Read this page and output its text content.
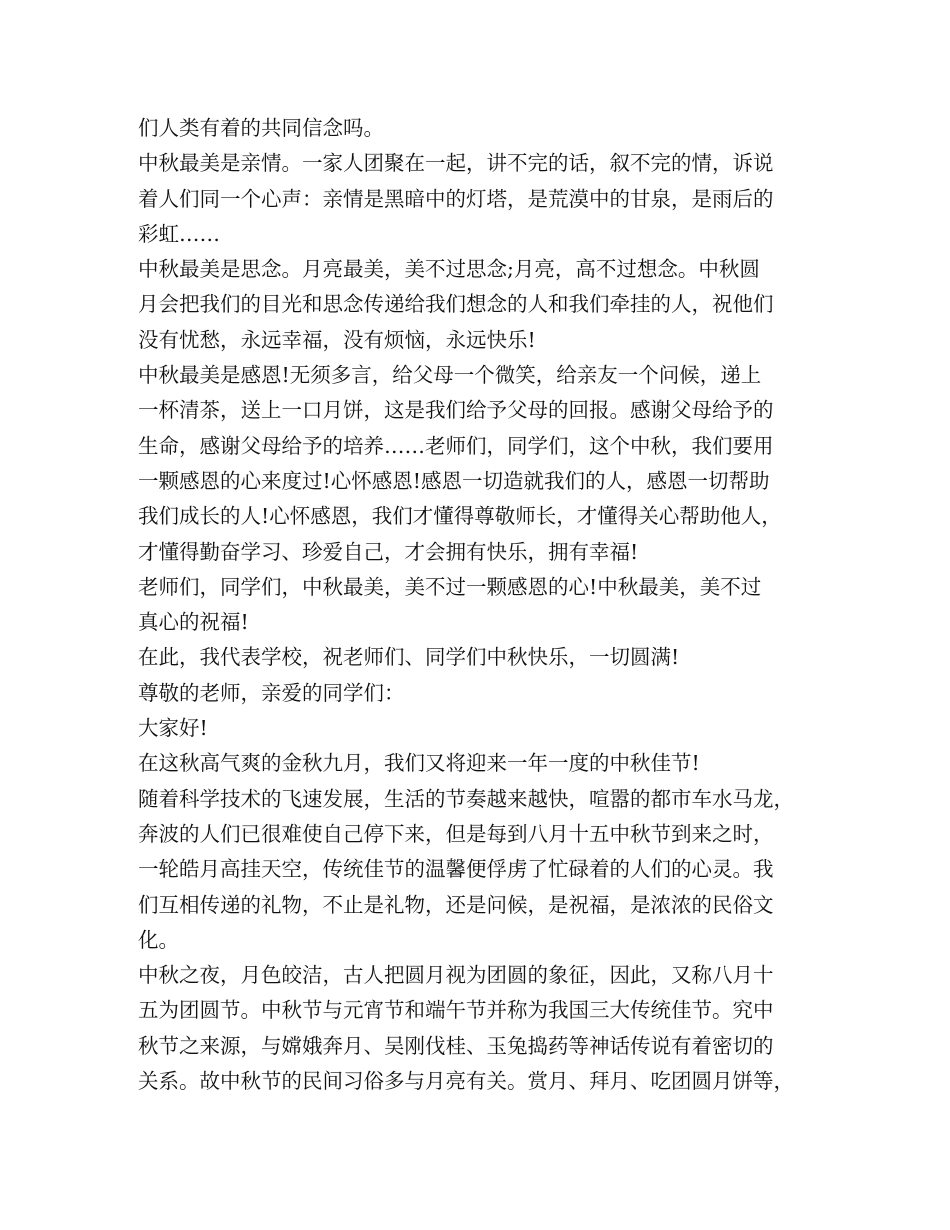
们人类有着的共同信念吗。
中秋最美是亲情。一家人团聚在一起，讲不完的话，叙不完的情，诉说
着人们同一个心声：亲情是黑暗中的灯塔，是荒漠中的甘泉，是雨后的
彩虹……
中秋最美是思念。月亮最美，美不过思念;月亮，高不过想念。中秋圆
月会把我们的目光和思念传递给我们想念的人和我们牵挂的人，祝他们
没有忧愁，永远幸福，没有烦恼，永远快乐!
中秋最美是感恩!无须多言，给父母一个微笑，给亲友一个问候，递上
一杯清茶，送上一口月饼，这是我们给予父母的回报。感谢父母给予的
生命，感谢父母给予的培养……老师们，同学们，这个中秋，我们要用
一颗感恩的心来度过!心怀感恩!感恩一切造就我们的人，感恩一切帮助
我们成长的人!心怀感恩，我们才懂得尊敬师长，才懂得关心帮助他人，
才懂得勤奋学习、珍爱自己，才会拥有快乐，拥有幸福!
老师们，同学们，中秋最美，美不过一颗感恩的心!中秋最美，美不过
真心的祝福!
在此，我代表学校，祝老师们、同学们中秋快乐，一切圆满!
尊敬的老师，亲爱的同学们：
大家好!
在这秋高气爽的金秋九月，我们又将迎来一年一度的中秋佳节!
随着科学技术的飞速发展，生活的节奏越来越快，喧嚣的都市车水马龙，
奔波的人们已很难使自己停下来，但是每到八月十五中秋节到来之时，
一轮皓月高挂天空，传统佳节的温馨便俘虏了忙碌着的人们的心灵。我
们互相传递的礼物，不止是礼物，还是问候，是祝福，是浓浓的民俗文
化。
中秋之夜，月色皎洁，古人把圆月视为团圆的象征，因此，又称八月十
五为团圆节。中秋节与元宵节和端午节并称为我国三大传统佳节。究中
秋节之来源，与嫦娥奔月、吴刚伐桂、玉兔捣药等神话传说有着密切的
关系。故中秋节的民间习俗多与月亮有关。赏月、拜月、吃团圆月饼等，
